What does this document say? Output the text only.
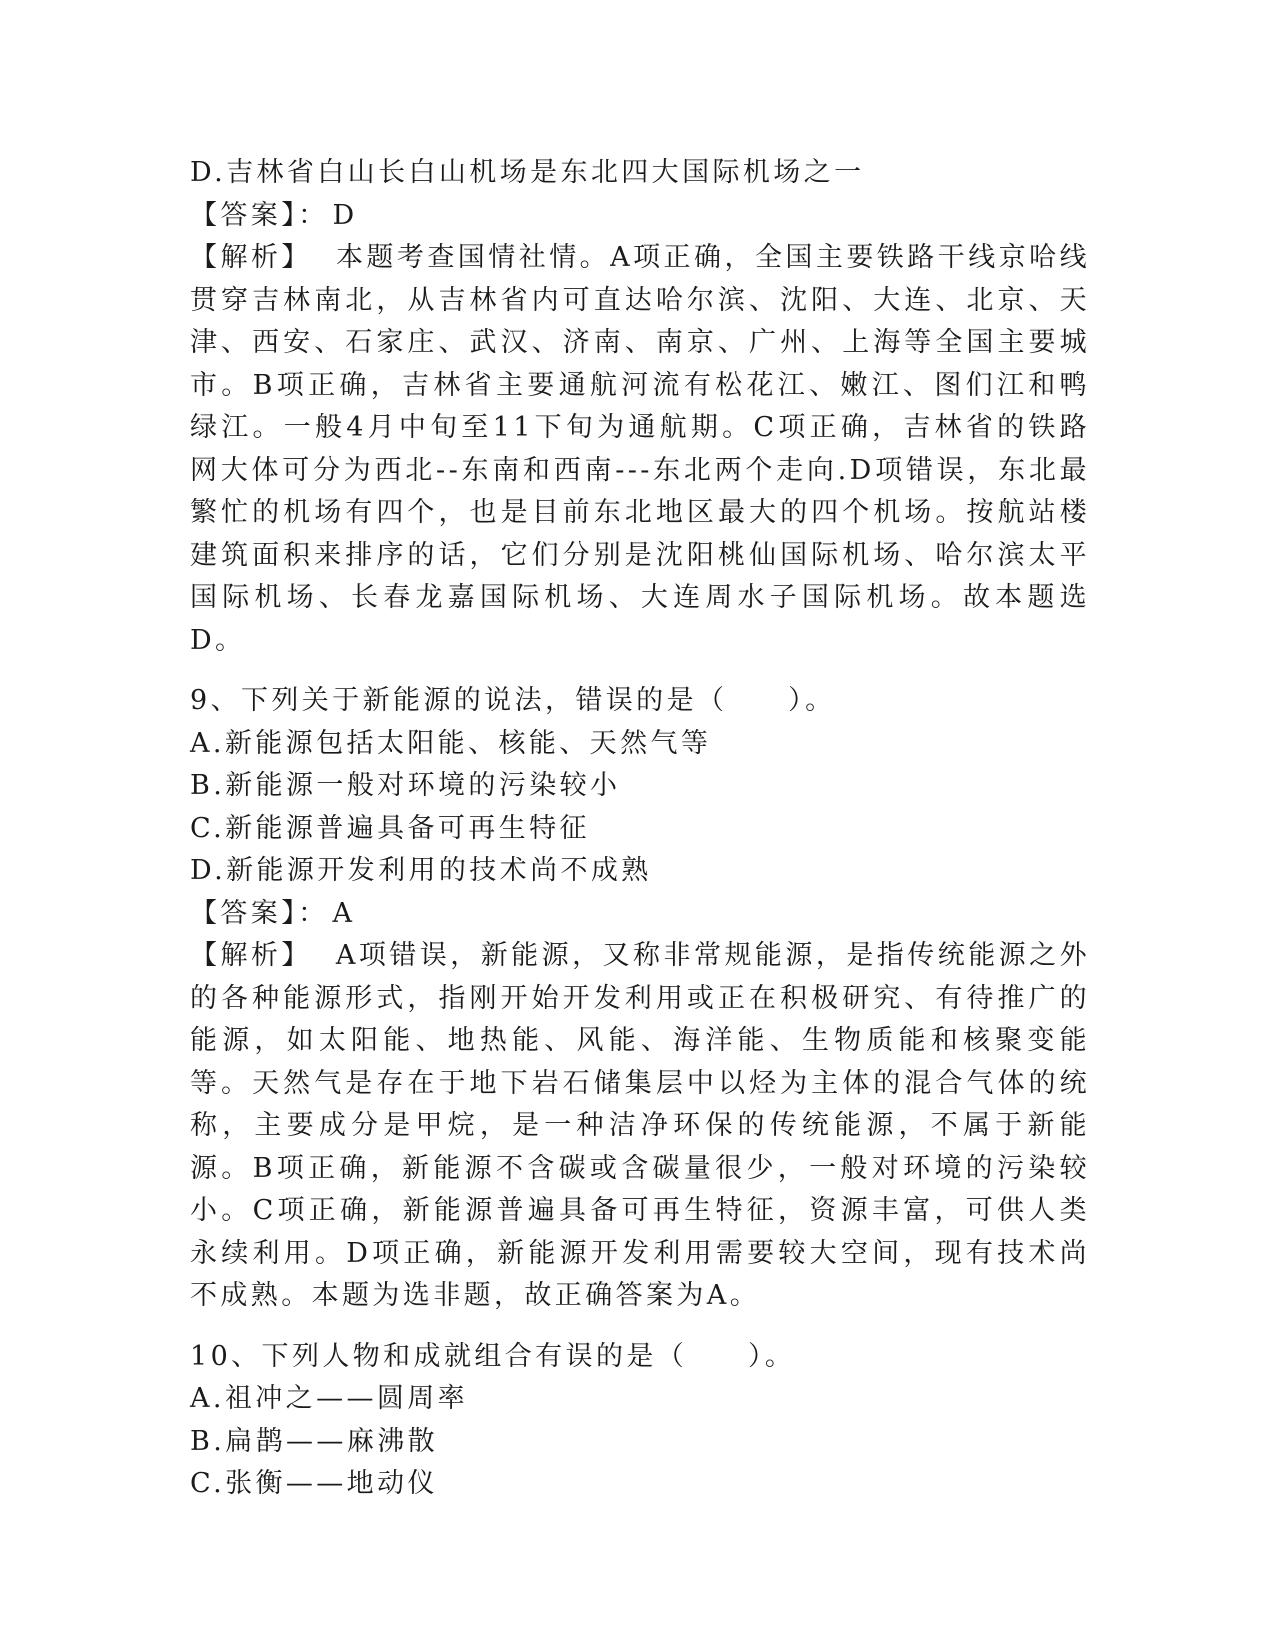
D.吉林省白山长白山机场是东北四大国际机场之一
【答案】： D
【解析】 本题考查国情社情。A项正确，全国主要铁路干线京哈线贯穿吉林南北，从吉林省内可直达哈尔滨、沈阳、大连、北京、天津、西安、石家庄、武汉、济南、南京、广州、上海等全国主要城市。B项正确，吉林省主要通航河流有松花江、嫩江、图们江和鸭绿江。一般4月中旬至11下旬为通航期。C项正确，吉林省的铁路网大体可分为西北--东南和西南---东北两个走向.D项错误，东北最繁忙的机场有四个，也是目前东北地区最大的四个机场。按航站楼建筑面积来排序的话，它们分别是沈阳桃仙国际机场、哈尔滨太平国际机场、长春龙嘉国际机场、大连周水子国际机场。故本题选D。
9、下列关于新能源的说法，错误的是（　　）。
A.新能源包括太阳能、核能、天然气等
B.新能源一般对环境的污染较小
C.新能源普遍具备可再生特征
D.新能源开发利用的技术尚不成熟
【答案】： A
【解析】 A项错误，新能源，又称非常规能源，是指传统能源之外的各种能源形式，指刚开始开发利用或正在积极研究、有待推广的能源，如太阳能、地热能、风能、海洋能、生物质能和核聚变能等。天然气是存在于地下岩石储集层中以烃为主体的混合气体的统称，主要成分是甲烷，是一种洁净环保的传统能源，不属于新能源。B项正确，新能源不含碳或含碳量很少，一般对环境的污染较小。C项正确，新能源普遍具备可再生特征，资源丰富，可供人类永续利用。D项正确，新能源开发利用需要较大空间，现有技术尚不成熟。本题为选非题，故正确答案为A。
10、下列人物和成就组合有误的是（　　）。
A.祖冲之——圆周率
B.扁鹊——麻沸散
C.张衡——地动仪
